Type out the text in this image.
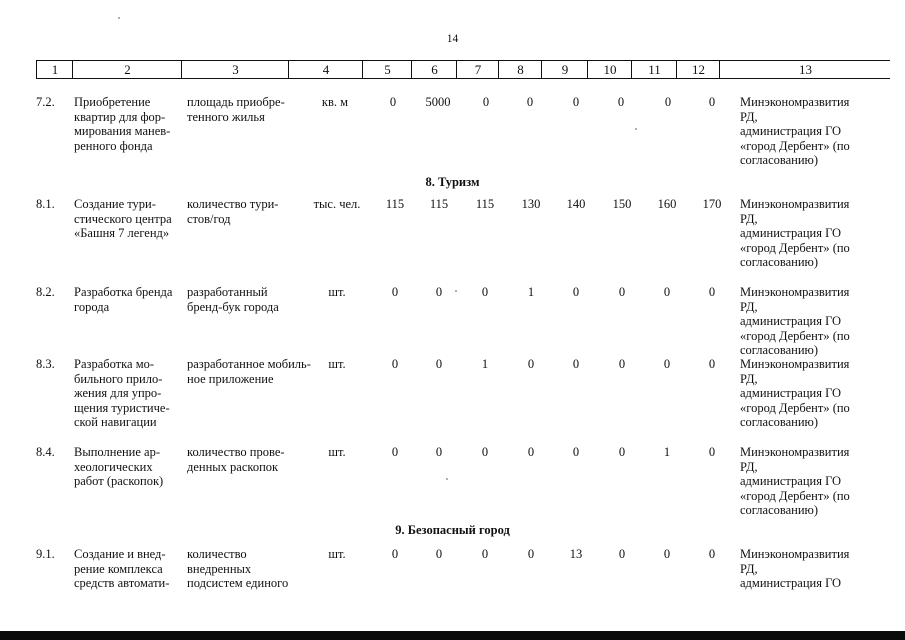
14
1	2	3	4	5	6	7	8	9	10	11	12	13
7.2.	Приобретение
квартир для фор-
мирования манев-
ренного фонда
площадь приобре-
тенного жилья
кв. м	0	5000	0	0	0	0	0	0	Минэкономразвития
РД,
администрация ГО
«город Дербент» (по
согласованию)
8. Туризм
8.1.	Создание тури-
стического центра
«Башня 7 легенд»
количество тури-
стов/год
тыс. чел.	115	115	115	130	140	150	160	170	Минэкономразвития
РД,
администрация ГО
«город Дербент» (по
согласованию)
8.2.	Разработка бренда
города
разработанный
бренд-бук города
шт.	0	0	0	1	0	0	0	0	Минэкономразвития
РД,
администрация ГО
«город Дербент» (по
согласованию)
8.3.	Разработка мо-
бильного прило-
жения для упро-
щения туристиче-
ской навигации
разработанное мобиль-
ное приложение
шт.	0	0	1	0	0	0	0	0	Минэкономразвития
РД,
администрация ГО
«город Дербент» (по
согласованию)
8.4.	Выполнение ар-
хеологических
работ (раскопок)
количество прове-
денных раскопок
шт.	0	0	0	0	0	0	1	0	Минэкономразвития
РД,
администрация ГО
«город Дербент» (по
согласованию)
9. Безопасный город
9.1.	Создание и внед-
рение комплекса
средств автомати-
количество
внедренных
подсистем единого
шт.	0	0	0	0	13	0	0	0	Минэкономразвития
РД,
администрация ГО
